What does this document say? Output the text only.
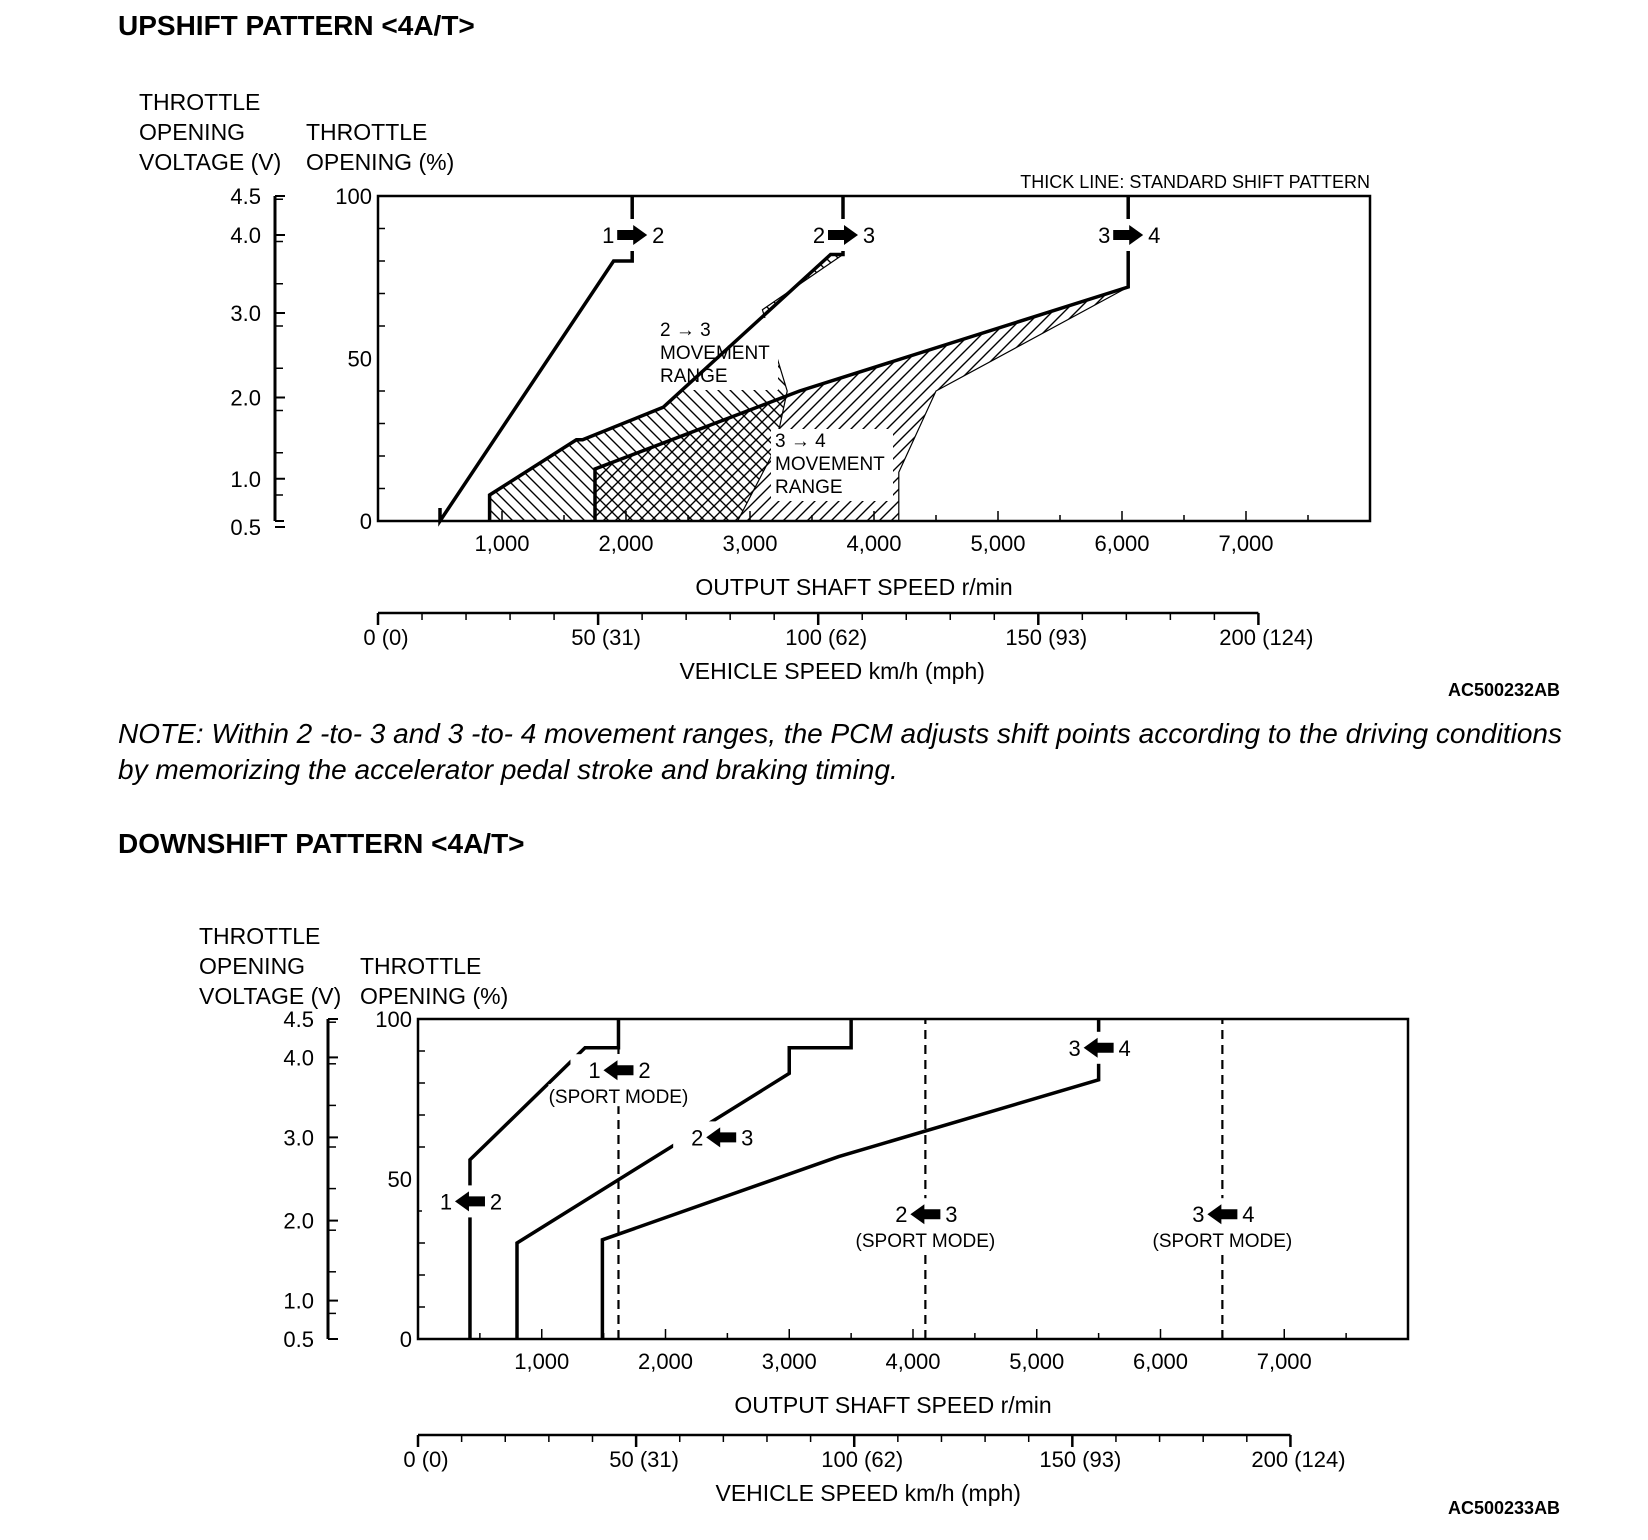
UPSHIFT PATTERN <4A/T>
2 → 3
MOVEMENT
RANGE
3 → 4
MOVEMENT
RANGE
1,000	2,000	3,000	4,000	5,000	6,000	7,000
OUTPUT SHAFT SPEED r/min
0
50
100
4.5
4.0
3.0
2.0
1.0
0.5
THROTTLE
OPENING
VOLTAGE (V)
THROTTLE
OPENING (%)
1 2	2 3	3 4
THICK LINE: STANDARD SHIFT PATTERN
0 (0)	50 (31)	100 (62)	150 (93)	200 (124)
VEHICLE SPEED km/h (mph)
AC500232AB

NOTE: Within 2 -to- 3 and 3 -to- 4 movement ranges, the PCM adjusts shift points according to the driving conditions by memorizing the accelerator pedal stroke and braking timing.

DOWNSHIFT PATTERN <4A/T>
1,000	2,000	3,000	4,000	5,000	6,000	7,000
OUTPUT SHAFT SPEED r/min
0
50
100
4.5
4.0
3.0
2.0
1.0
0.5
THROTTLE
OPENING
VOLTAGE (V)
THROTTLE
OPENING (%)
1 2
2 3
3 4
1 2
(SPORT MODE)
2 3
(SPORT MODE)
3 4
(SPORT MODE)
0 (0)	50 (31)	100 (62)	150 (93)	200 (124)
VEHICLE SPEED km/h (mph)
AC500233AB
